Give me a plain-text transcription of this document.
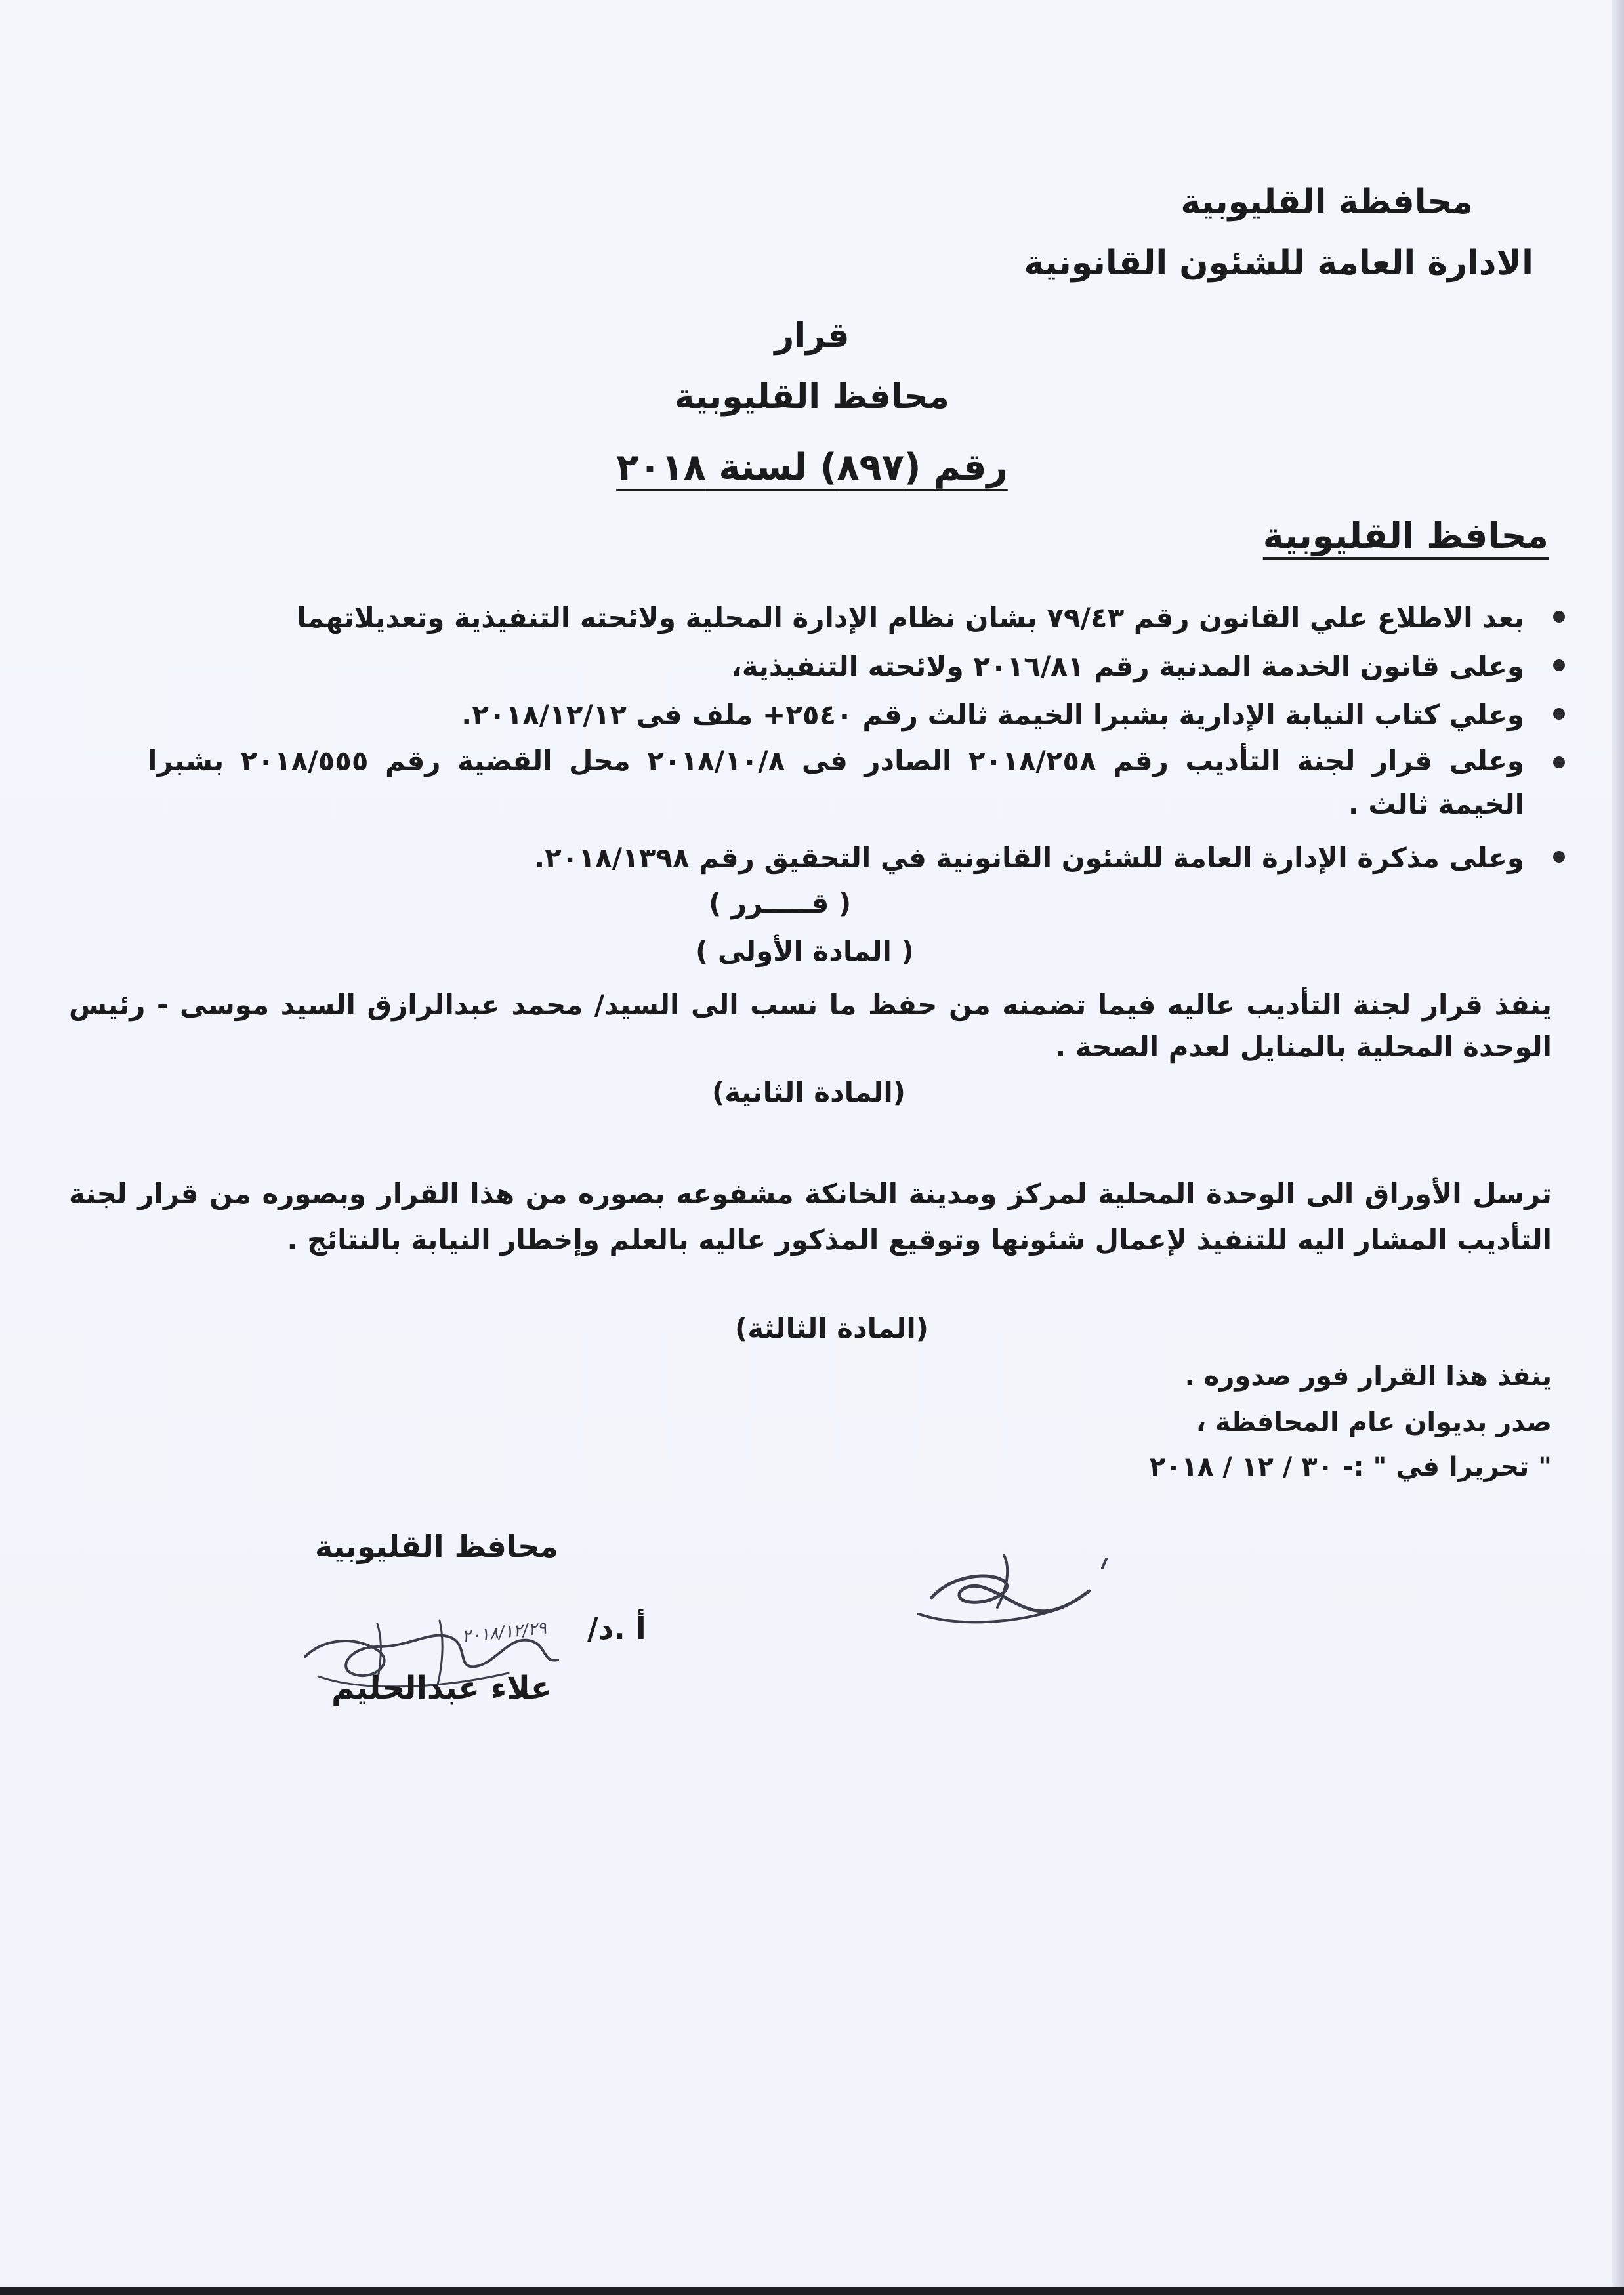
محافظة القليوبية
الادارة العامة للشئون القانونية
قرار
محافظ القليوبية
رقم (٨٩٧) لسنة ٢٠١٨
محافظ القليوبية
بعد الاطلاع علي القانون رقم ٧٩/٤٣ بشان نظام الإدارة المحلية ولائحته التنفيذية وتعديلاتهما
وعلى قانون الخدمة المدنية رقم ٢٠١٦/٨١ ولائحته التنفيذية،
وعلي كتاب النيابة الإدارية بشبرا الخيمة ثالث رقم ٢٥٤٠+ ملف فى ٢٠١٨/١٢/١٢.
وعلى قرار لجنة التأديب رقم ٢٠١٨/٢٥٨ الصادر فى ٢٠١٨/١٠/٨ محل القضية رقم ٢٠١٨/٥٥٥ بشبرا الخيمة ثالث .
وعلى مذكرة الإدارة العامة للشئون القانونية في التحقيق رقم ٢٠١٨/١٣٩٨.
( قـــــرر )
( المادة الأولى )
ينفذ قرار لجنة التأديب عاليه فيما تضمنه من حفظ ما نسب الى السيد/ محمد عبدالرازق السيد موسى - رئيس الوحدة المحلية بالمنايل لعدم الصحة .
(المادة الثانية)
ترسل الأوراق الى الوحدة المحلية لمركز ومدينة الخانكة مشفوعه بصوره من هذا القرار وبصوره من قرار لجنة التأديب المشار اليه للتنفيذ لإعمال شئونها وتوقيع المذكور عاليه بالعلم وإخطار النيابة بالنتائج .
(المادة الثالثة)
ينفذ هذا القرار فور صدوره .
صدر بديوان عام المحافظة ،
" تحريرا في " :- ٣٠ / ١٢ / ٢٠١٨
محافظ القليوبية
أ .د/
٢٠١٨/١٢/٢٩
علاء عبدالحليم
